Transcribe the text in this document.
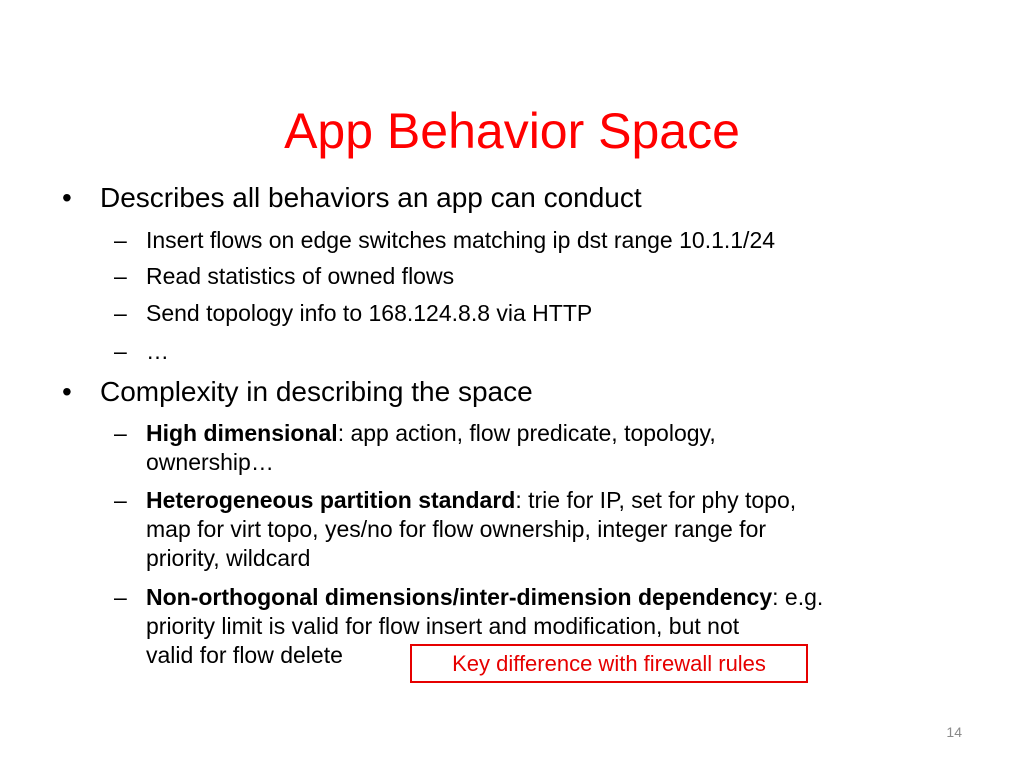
App Behavior Space
•	Describes all behaviors an app can conduct
– Insert flows on edge switches matching ip dst range 10.1.1/24
– Read statistics of owned flows
– Send topology info to 168.124.8.8 via HTTP
– …
•	Complexity in describing the space
– High dimensional: app action, flow predicate, topology,
ownership…
– Heterogeneous partition standard: trie for IP, set for phy topo,
map for virt topo, yes/no for flow ownership, integer range for
priority, wildcard
– Non-orthogonal dimensions/inter-dimension dependency: e.g.
priority limit is valid for flow insert and modification, but not
valid for flow delete	Key difference with firewall rules
14
